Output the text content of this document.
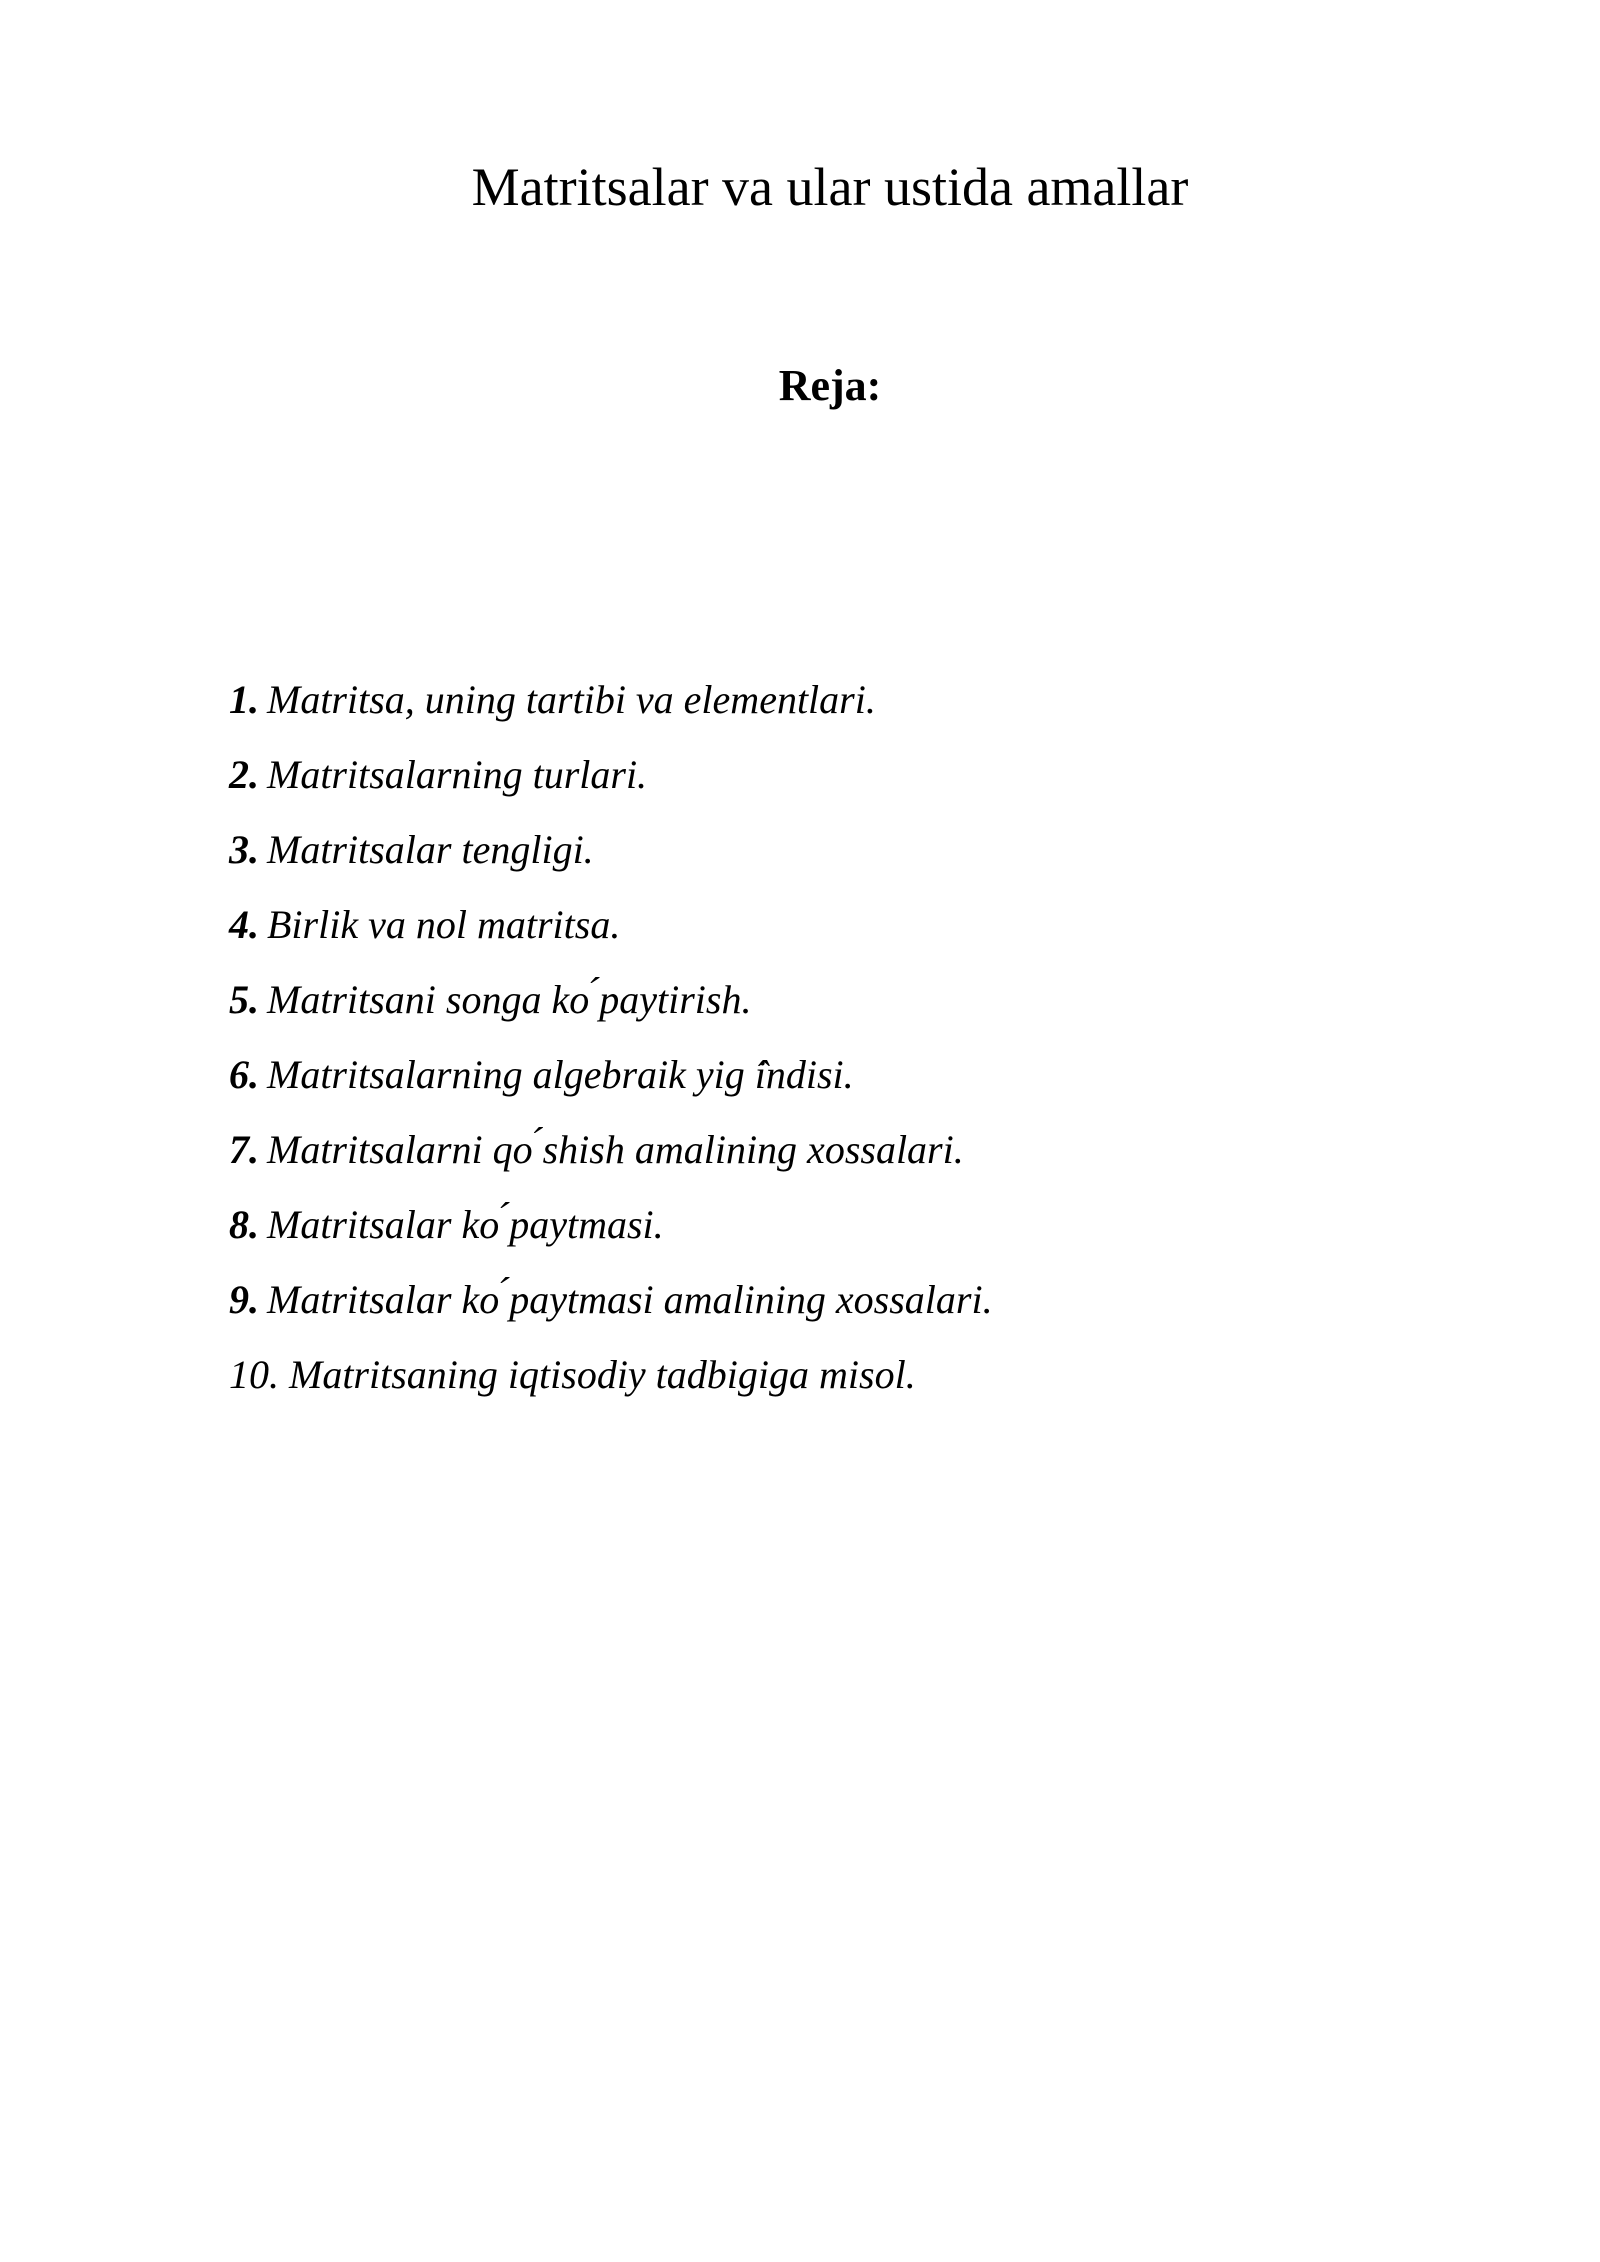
Matritsalar va ular ustida amallar
Reja:
1. Matritsa, uning tartibi va elementlari.
2. Matritsalarning turlari.
3. Matritsalar tengligi.
4. Birlik va nol matritsa.
5. Matritsani songa ko ́paytirish.
6. Matritsalarning algebraik yig ̂indisi.
7. Matritsalarni qo ́shish amalining xossalari.
8. Matritsalar ko ́paytmasi.
9. Matritsalar ko ́paytmasi amalining xossalari.
10. Matritsaning iqtisodiy tadbigiga misol.
